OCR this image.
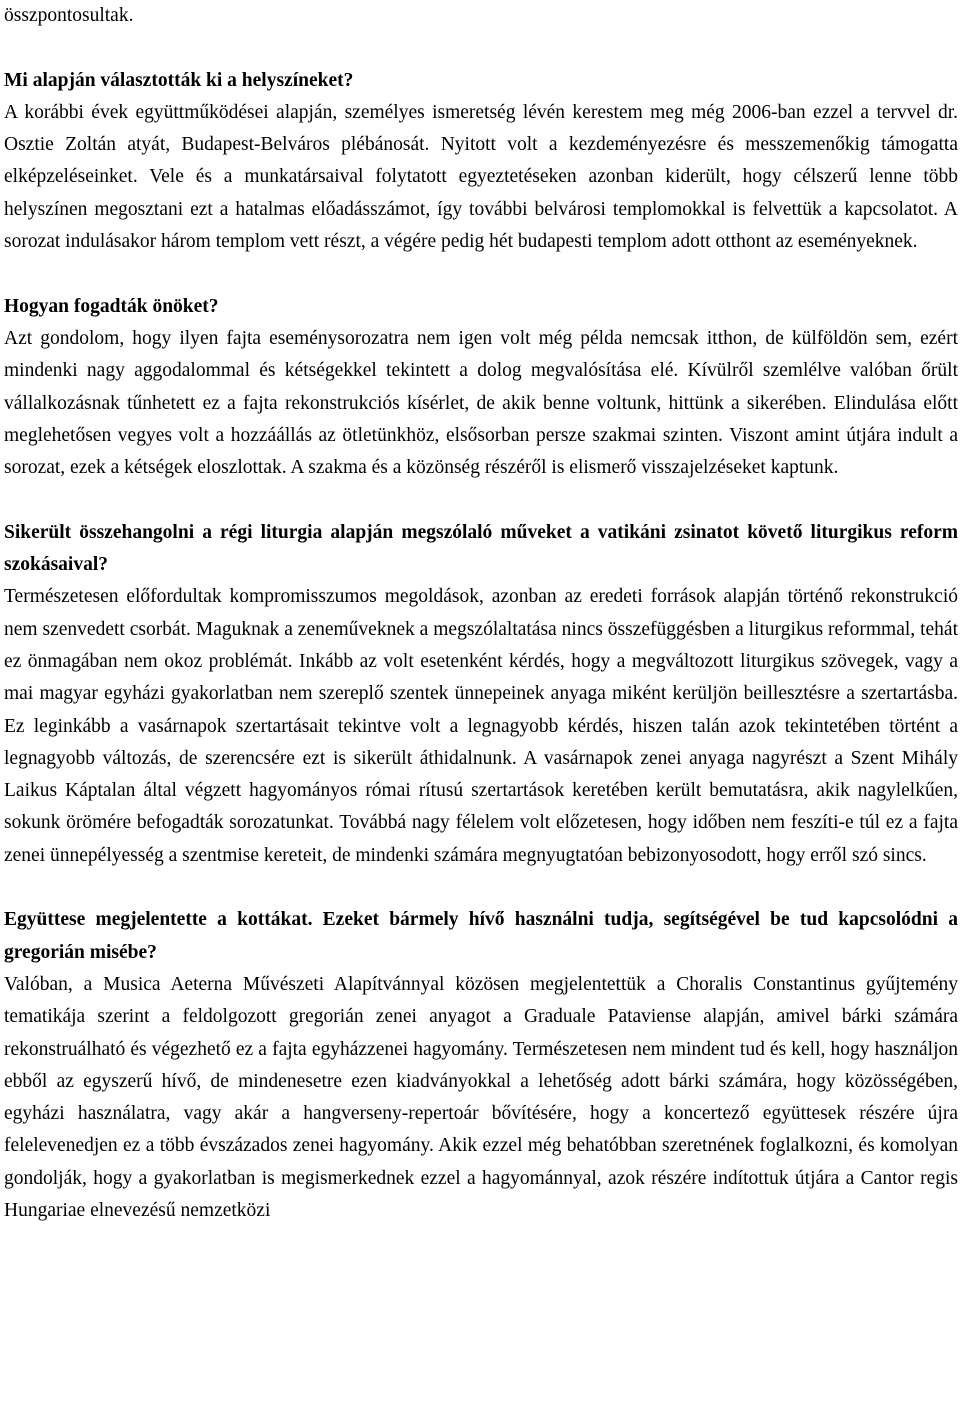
összpontosultak.

Mi alapján választották ki a helyszíneket?

A korábbi évek együttműködései alapján, személyes ismeretség lévén kerestem meg még 2006-ban ezzel a tervvel dr. Osztie Zoltán atyát, Budapest-Belváros plébánosát. Nyitott volt a kezdeményezésre és messzemenőkig támogatta elképzeléseinket. Vele és a munkatársaival folytatott egyeztetéseken azonban kiderült, hogy célszerű lenne több helyszínen megosztani ezt a hatalmas előadásszámot, így további belvárosi templomokkal is felvettük a kapcsolatot. A sorozat indulásakor három templom vett részt, a végére pedig hét budapesti templom adott otthont az eseményeknek.

Hogyan fogadták önöket?

Azt gondolom, hogy ilyen fajta eseménysorozatra nem igen volt még példa nemcsak itthon, de külföldön sem, ezért mindenki nagy aggodalommal és kétségekkel tekintett a dolog megvalósítása elé. Kívülről szemlélve valóban őrült vállalkozásnak tűnhetett ez a fajta rekonstrukciós kísérlet, de akik benne voltunk, hittünk a sikerében. Elindulása előtt meglehetősen vegyes volt a hozzáállás az ötletünkhöz, elsősorban persze szakmai szinten. Viszont amint útjára indult a sorozat, ezek a kétségek eloszlottak. A szakma és a közönség részéről is elismerő visszajelzéseket kaptunk.

Sikerült összehangolni a régi liturgia alapján megszólaló műveket a vatikáni zsinatot követő liturgikus reform szokásaival?

Természetesen előfordultak kompromisszumos megoldások, azonban az eredeti források alapján történő rekonstrukció nem szenvedett csorbát. Maguknak a zeneműveknek a megszólaltatása nincs összefüggésben a liturgikus reformmal, tehát ez önmagában nem okoz problémát. Inkább az volt esetenként kérdés, hogy a megváltozott liturgikus szövegek, vagy a mai magyar egyházi gyakorlatban nem szereplő szentek ünnepeinek anyaga miként kerüljön beillesztésre a szertartásba. Ez leginkább a vasárnapok szertartásait tekintve volt a legnagyobb kérdés, hiszen talán azok tekintetében történt a legnagyobb változás, de szerencsére ezt is sikerült áthidalnunk. A vasárnapok zenei anyaga nagyrészt a Szent Mihály Laikus Káptalan által végzett hagyományos római rítusú szertartások keretében került bemutatásra, akik nagylelkűen, sokunk örömére befogadták sorozatunkat. Továbbá nagy félelem volt előzetesen, hogy időben nem feszíti-e túl ez a fajta zenei ünnepélyesség a szentmise kereteit, de mindenki számára megnyugtatóan bebizonyosodott, hogy erről szó sincs.

Együttese megjelentette a kottákat. Ezeket bármely hívő használni tudja, segítségével be tud kapcsolódni a gregorián misébe?

Valóban, a Musica Aeterna Művészeti Alapítvánnyal közösen megjelentettük a Choralis Constantinus gyűjtemény tematikája szerint a feldolgozott gregorián zenei anyagot a Graduale Pataviense alapján, amivel bárki számára rekonstruálható és végezhető ez a fajta egyházzenei hagyomány. Természetesen nem mindent tud és kell, hogy használjon ebből az egyszerű hívő, de mindenesetre ezen kiadványokkal a lehetőség adott bárki számára, hogy közösségében, egyházi használatra, vagy akár a hangverseny-repertoár bővítésére, hogy a koncertező együttesek részére újra felelevenedjen ez a több évszázados zenei hagyomány. Akik ezzel még behatóbban szeretnének foglalkozni, és komolyan gondolják, hogy a gyakorlatban is megismerkednek ezzel a hagyománnyal, azok részére indítottuk útjára a Cantor regis Hungariae elnevezésű nemzetközi
